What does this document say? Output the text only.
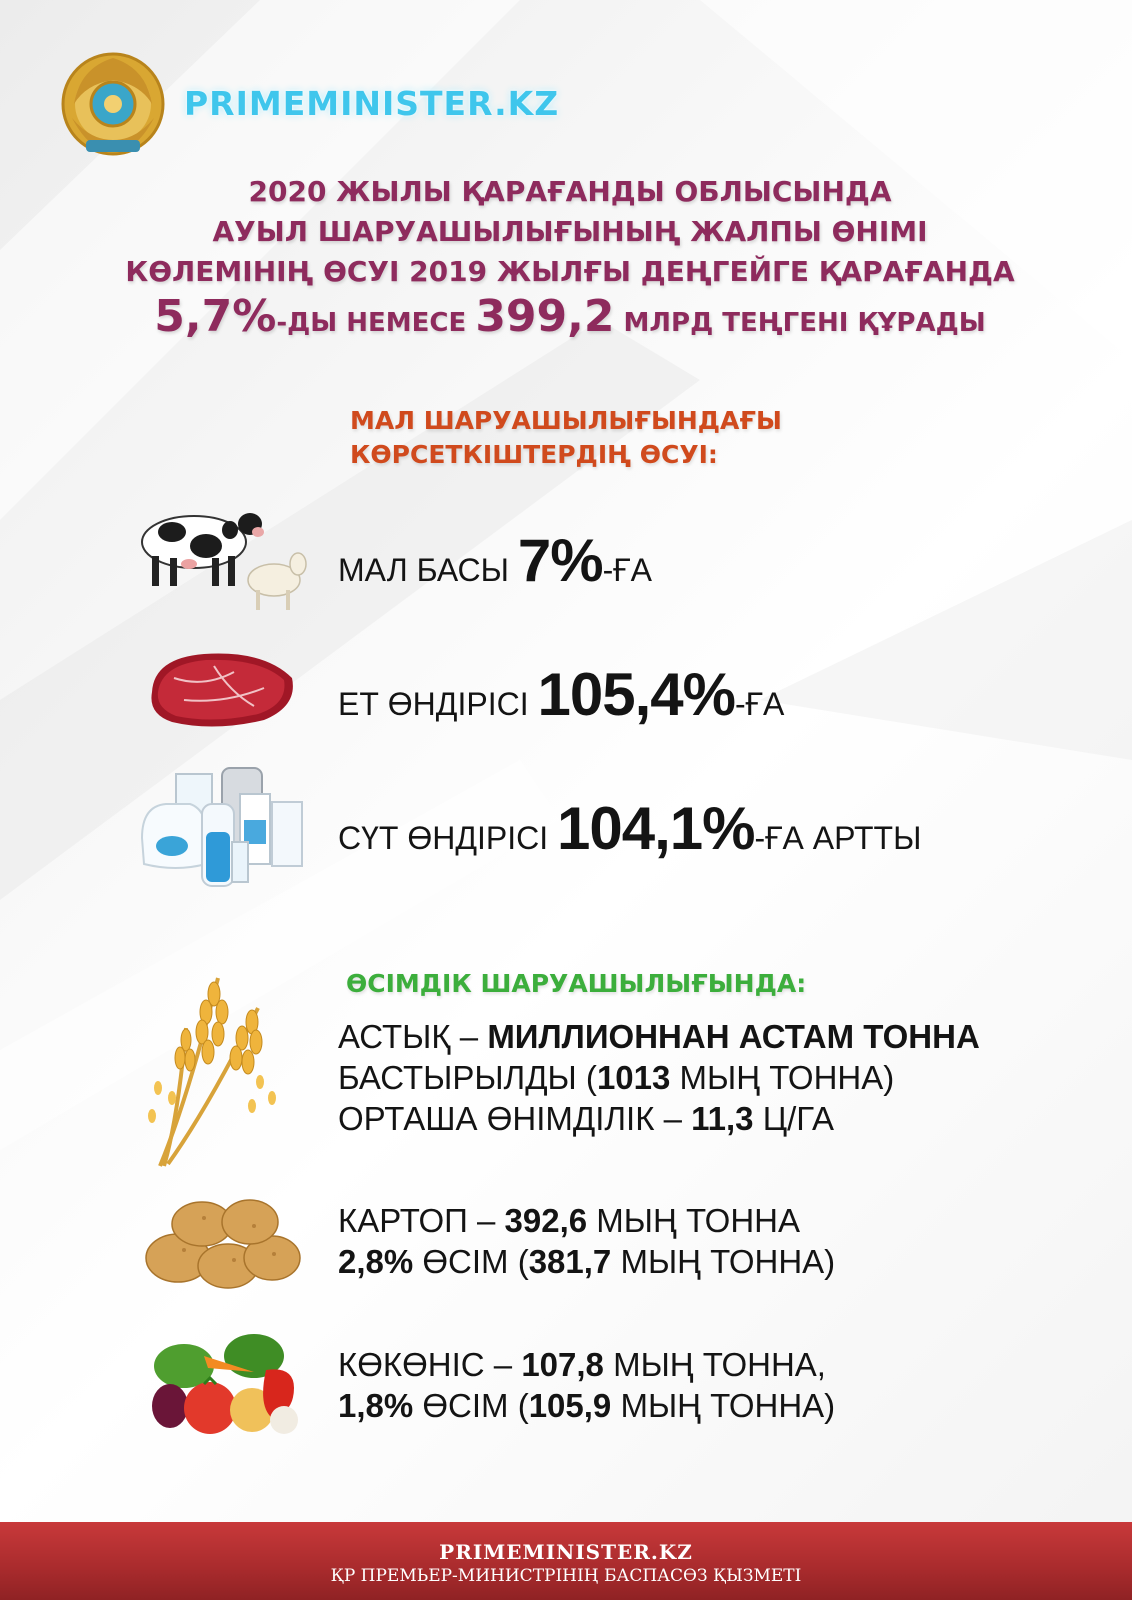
PRIMEMINISTER.KZ
2020 ЖЫЛЫ ҚАРАҒАНДЫ ОБЛЫСЫНДА
АУЫЛ ШАРУАШЫЛЫҒЫНЫҢ ЖАЛПЫ ӨНІМІ
КӨЛЕМІНІҢ ӨСУІ 2019 ЖЫЛҒЫ ДЕҢГЕЙГЕ ҚАРАҒАНДА
5,7%-ДЫ НЕМЕСЕ 399,2 МЛРД ТЕҢГЕНІ ҚҰРАДЫ
МАЛ ШАРУАШЫЛЫҒЫНДАҒЫ
КӨРСЕТКІШТЕРДІҢ ӨСУІ:
МАЛ БАСЫ 7%-ҒА
ЕТ ӨНДІРІСІ 105,4%-ҒА
СҮТ ӨНДІРІСІ 104,1%-ҒА АРТТЫ
ӨСІМДІК ШАРУАШЫЛЫҒЫНДА:
АСТЫҚ – МИЛЛИОННАН АСТАМ ТОННА
БАСТЫРЫЛДЫ (1013 МЫҢ ТОННА)
ОРТАША ӨНІМДІЛІК – 11,3 Ц/ГА
КАРТОП – 392,6 МЫҢ ТОННА
2,8% ӨСІМ (381,7 МЫҢ ТОННА)
КӨКӨНІС – 107,8 МЫҢ ТОННА,
1,8% ӨСІМ (105,9 МЫҢ ТОННА)
PRIMEMINISTER.KZ
ҚР ПРЕМЬЕР-МИНИСТРІНІҢ БАСПАСӨЗ ҚЫЗМЕТІ
